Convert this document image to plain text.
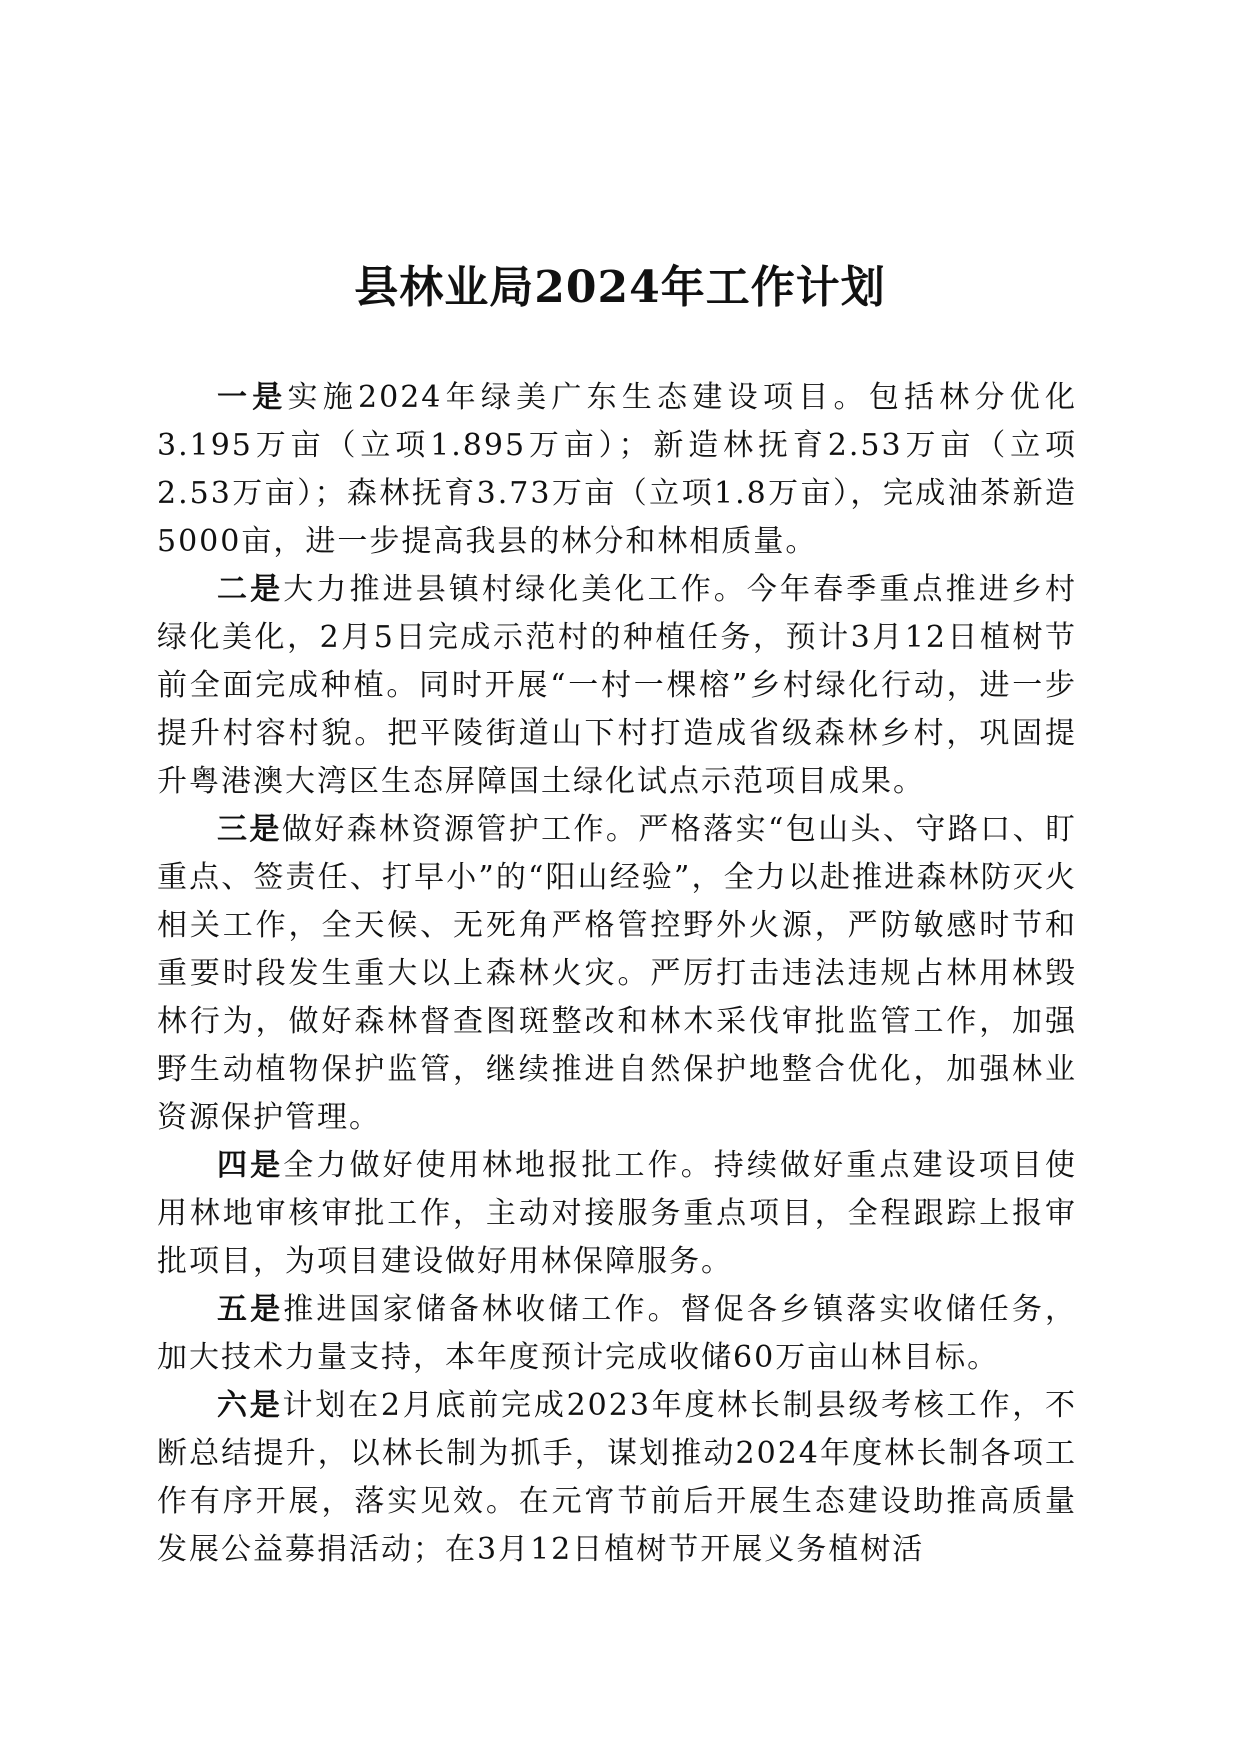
县林业局2024年工作计划

一是实施2024年绿美广东生态建设项目。包括林分优化3.195万亩（立项1.895万亩）；新造林抚育2.53万亩（立项2.53万亩）；森林抚育3.73万亩（立项1.8万亩），完成油茶新造5000亩，进一步提高我县的林分和林相质量。

二是大力推进县镇村绿化美化工作。今年春季重点推进乡村绿化美化，2月5日完成示范村的种植任务，预计3月12日植树节前全面完成种植。同时开展“一村一棵榕”乡村绿化行动，进一步提升村容村貌。把平陵街道山下村打造成省级森林乡村，巩固提升粤港澳大湾区生态屏障国土绿化试点示范项目成果。

三是做好森林资源管护工作。严格落实“包山头、守路口、盯重点、签责任、打早小”的“阳山经验”，全力以赴推进森林防灭火相关工作，全天候、无死角严格管控野外火源，严防敏感时节和重要时段发生重大以上森林火灾。严厉打击违法违规占林用林毁林行为，做好森林督查图斑整改和林木采伐审批监管工作，加强野生动植物保护监管，继续推进自然保护地整合优化，加强林业资源保护管理。

四是全力做好使用林地报批工作。持续做好重点建设项目使用林地审核审批工作，主动对接服务重点项目，全程跟踪上报审批项目，为项目建设做好用林保障服务。

五是推进国家储备林收储工作。督促各乡镇落实收储任务，加大技术力量支持，本年度预计完成收储60万亩山林目标。

六是计划在2月底前完成2023年度林长制县级考核工作，不断总结提升，以林长制为抓手，谋划推动2024年度林长制各项工作有序开展，落实见效。在元宵节前后开展生态建设助推高质量发展公益募捐活动；在3月12日植树节开展义务植树活
